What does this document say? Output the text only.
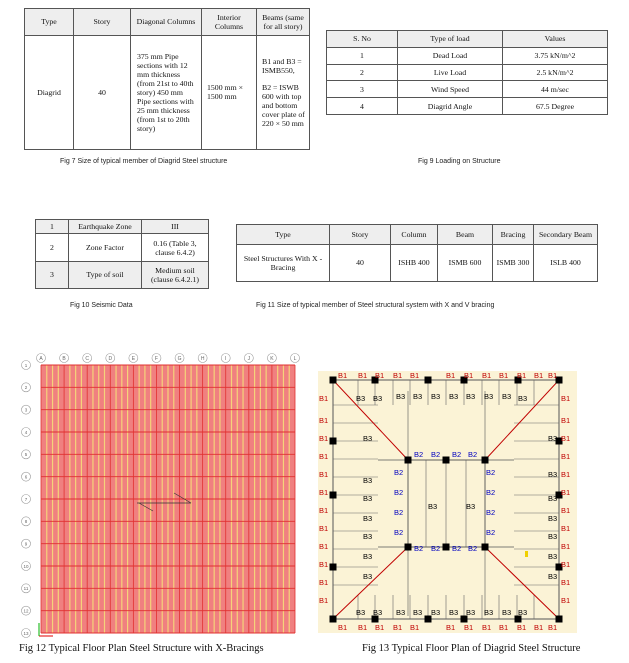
Type	Story	Diagonal Columns	Interior Columns	Beams (same for all story)
Diagrid	40	375 mm Pipe sections with 12 mm thickness (from 21st to 40th story) 450 mm Pipe sections with 25 mm thickness (from 1st to 20th story)	1500 mm × 1500 mm	B1 and B3 = ISMB550,
B2 = ISWB 600 with top and bottom cover plate of 220 × 50 mm
Fig 7 Size of typical member of Diagrid Steel structure
S. No	Type of load	Values
1	Dead Load	3.75 kN/m^2
2	Live Load	2.5 kN/m^2
3	Wind Speed	44 m/sec
4	Diagrid Angle	67.5 Degree
Fig 9 Loading on Structure
1	Earthquake Zone	III
2	Zone Factor	0.16 (Table 3, clause 6.4.2)
3	Type of soil	Medium soil (clause 6.4.2.1)
Fig 10 Seismic Data
Type	Story	Column	Beam	Bracing	Secondary Beam
Steel Structures With X -Bracing	40	ISHB 400	ISMB 600	ISMB 300	ISLB 400
Fig 11 Size of typical member of Steel structural system with X and V bracing
A	B	C	D	E	F	G	H	I	J	K	L
1
2
3
4
5
6
7
8
9
10
11
12
13
Fig 12 Typical Floor Plan Steel Structure with X-Bracings
B1
B1
B1
B1
B1
B1
B1
B1
B1
B1
B1
B1
B1
B1
B1
B1
B1
B1
B1
B1
B1
B1
B1
B1
B1	B1
B1	B1
B1	B1
B1	B1
B1	B1
B1	B1
B1	B1
B1	B1
B1	B1
B1	B1
B1	B1
B1	B1
B2 B2 B2 B2
B2 B2 B2 B2
B2
B2
B2
B2
B2
B2
B2
B2
B3 B3 B3 B3 B3 B3 B3 B3 B3 B3
B3
B3
B3
B3
B3
B3
B3
B3
B3
B3
B3
B3
B3
B3
B3 B3 B3 B3 B3 B3 B3 B3 B3 B3
B3	B3
Fig 13 Typical Floor Plan of Diagrid Steel Structure
